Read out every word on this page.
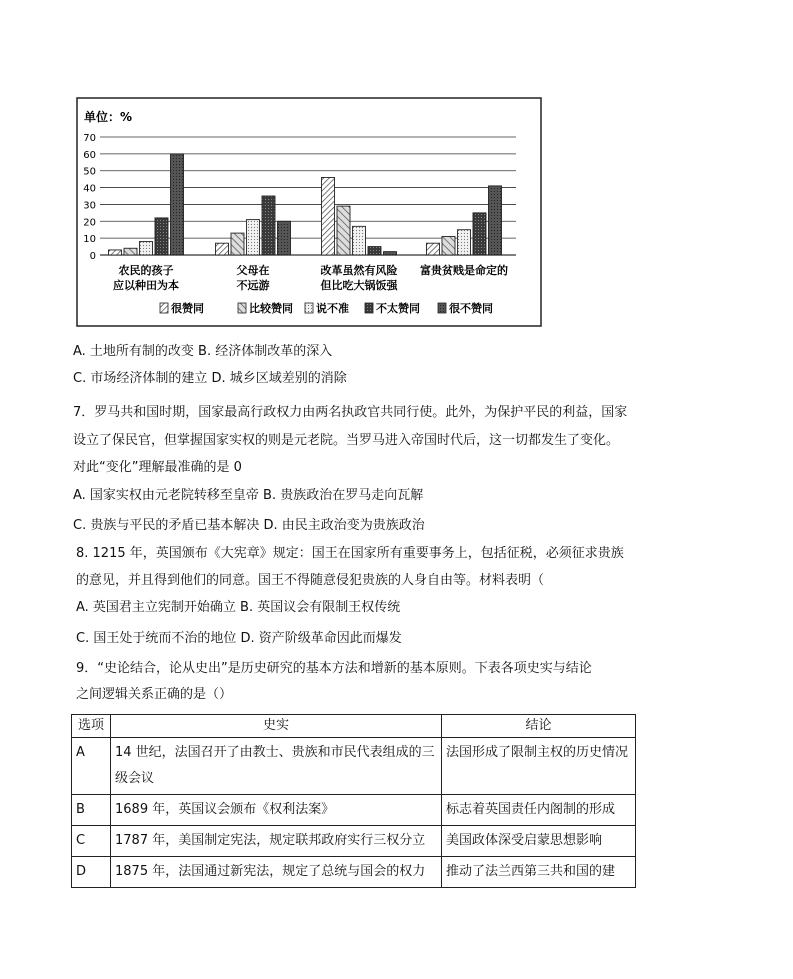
单位：%
0
10
20
30
40
50
60
70
农民的孩子
应以种田为本
父母在
不远游
改革虽然有风险
但比吃大锅饭强
富贵贫贱是命定的
很赞同	比较赞同 说不准 不太赞同	很不赞同
A. 土地所有制的改变 B. 经济体制改革的深入
C. 市场经济体制的建立 D. 城乡区域差别的消除
7．罗马共和国时期，国家最高行政权力由两名执政官共同行使。此外，为保护平民的利益，国家
设立了保民官，但掌握国家实权的则是元老院。当罗马进入帝国时代后，这一切都发生了变化。
对此“变化”理解最准确的是 0
A. 国家实权由元老院转移至皇帝 B. 贵族政治在罗马走向瓦解
C. 贵族与平民的矛盾已基本解决 D. 由民主政治变为贵族政治
8. 1215 年，英国颁布《大宪章》规定：国王在国家所有重要事务上，包括征税，必须征求贵族
的意见，并且得到他们的同意。国王不得随意侵犯贵族的人身自由等。材料表明（
A. 英国君主立宪制开始确立 B. 英国议会有限制王权传统
C. 国王处于统而不治的地位 D. 资产阶级革命因此而爆发
9．“史论结合，论从史出”是历史研究的基本方法和增新的基本原则。下表各项史实与结论
之间逻辑关系正确的是（）
选项	史实	结论
A	14 世纪，法国召开了由教士、贵族和市民代表组成的三级会议	法国形成了限制主权的历史情况

B	1689 年，英国议会颁布《权利法案》	标志着英国责任内阁制的形成

C	1787 年，美国制定宪法，规定联邦政府实行三权分立	美国政体深受启蒙思想影响

D	1875 年，法国通过新宪法，规定了总统与国会的权力	推动了法兰西第三共和国的建
